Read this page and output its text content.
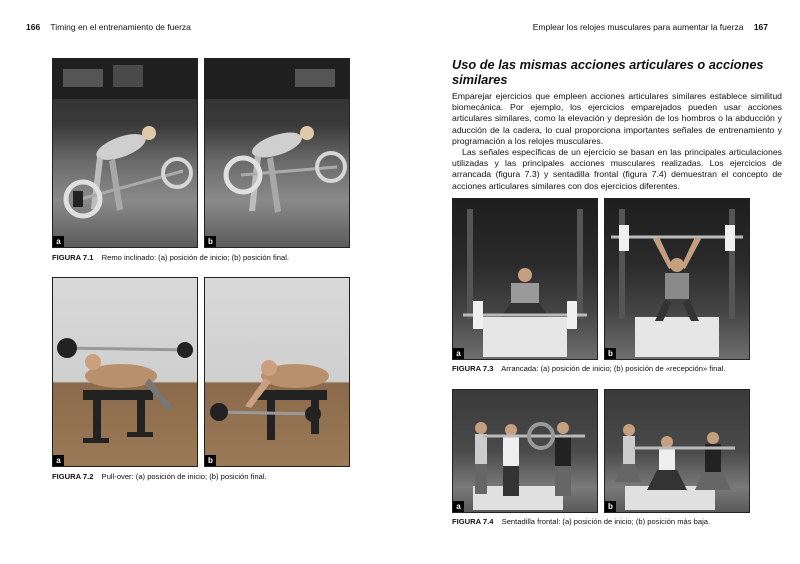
166 Timing en el entrenamiento de fuerza
a	b
FIGURA 7.1 Remo inclinado: (a) posición de inicio; (b) posición final.
a	b
FIGURA 7.2 Pull-over: (a) posición de inicio; (b) posición final.
Emplear los relojes musculares para aumentar la fuerza 167
Uso de las mismas acciones articulares o acciones similares

Emparejar ejercicios que empleen acciones articulares similares establece similitud biomecánica. Por ejemplo, los ejercicios emparejados pueden usar acciones articulares similares, como la elevación y depresión de los hombros o la abducción y aducción de la cadera, lo cual proporciona importantes señales de entrenamiento y programación a los relojes musculares.

Las señales específicas de un ejercicio se basan en las principales articulaciones utilizadas y las principales acciones musculares realizadas. Los ejercicios de arrancada (figura 7.3) y sentadilla frontal (figura 7.4) demuestran el concepto de acciones articulares similares con dos ejercicios diferentes.

a	b
FIGURA 7.3 Arrancada: (a) posición de inicio; (b) posición de «recepción» final.
a	b
FIGURA 7.4 Sentadilla frontal: (a) posición de inicio; (b) posición más baja.
